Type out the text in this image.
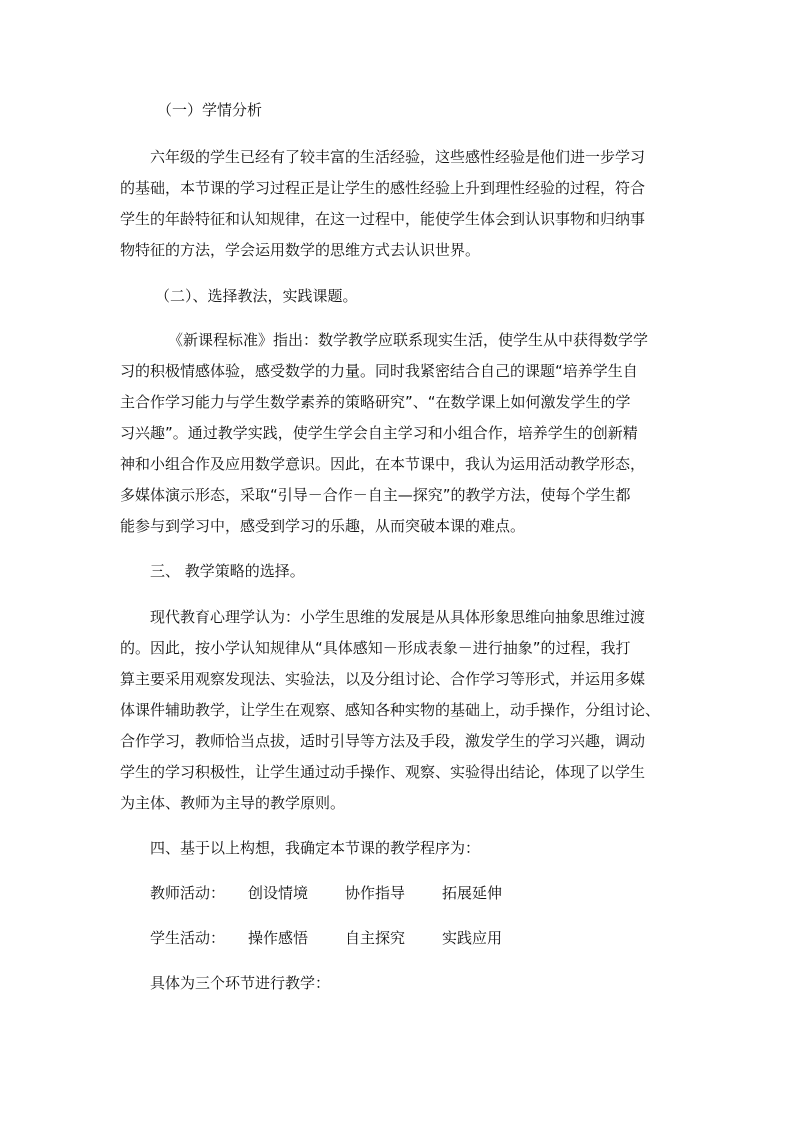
（一）学情分析
六年级的学生已经有了较丰富的生活经验，这些感性经验是他们进一步学习
的基础，本节课的学习过程正是让学生的感性经验上升到理性经验的过程，符合
学生的年龄特征和认知规律，在这一过程中，能使学生体会到认识事物和归纳事
物特征的方法，学会运用数学的思维方式去认识世界。
（二）、选择教法，实践课题。
《新课程标准》指出：数学教学应联系现实生活，使学生从中获得数学学
习的积极情感体验，感受数学的力量。同时我紧密结合自己的课题“培养学生自
主合作学习能力与学生数学素养的策略研究”、“在数学课上如何激发学生的学
习兴趣”。通过教学实践，使学生学会自主学习和小组合作，培养学生的创新精
神和小组合作及应用数学意识。因此，在本节课中，我认为运用活动教学形态，
多媒体演示形态，采取“引导－合作－自主—探究”的教学方法，使每个学生都
能参与到学习中，感受到学习的乐趣，从而突破本课的难点。
三、 教学策略的选择。
现代教育心理学认为：小学生思维的发展是从具体形象思维向抽象思维过渡
的。因此，按小学认知规律从“具体感知－形成表象－进行抽象”的过程，我打
算主要采用观察发现法、实验法，以及分组讨论、合作学习等形式，并运用多媒
体课件辅助教学，让学生在观察、感知各种实物的基础上，动手操作，分组讨论、
合作学习，教师恰当点拔，适时引导等方法及手段，激发学生的学习兴趣，调动
学生的学习积极性，让学生通过动手操作、观察、实验得出结论，体现了以学生
为主体、教师为主导的教学原则。
四、基于以上构想，我确定本节课的教学程序为：
教师活动：	创设情境	协作指导	拓展延伸
学生活动：	操作感悟	自主探究	实践应用
具体为三个环节进行教学：
